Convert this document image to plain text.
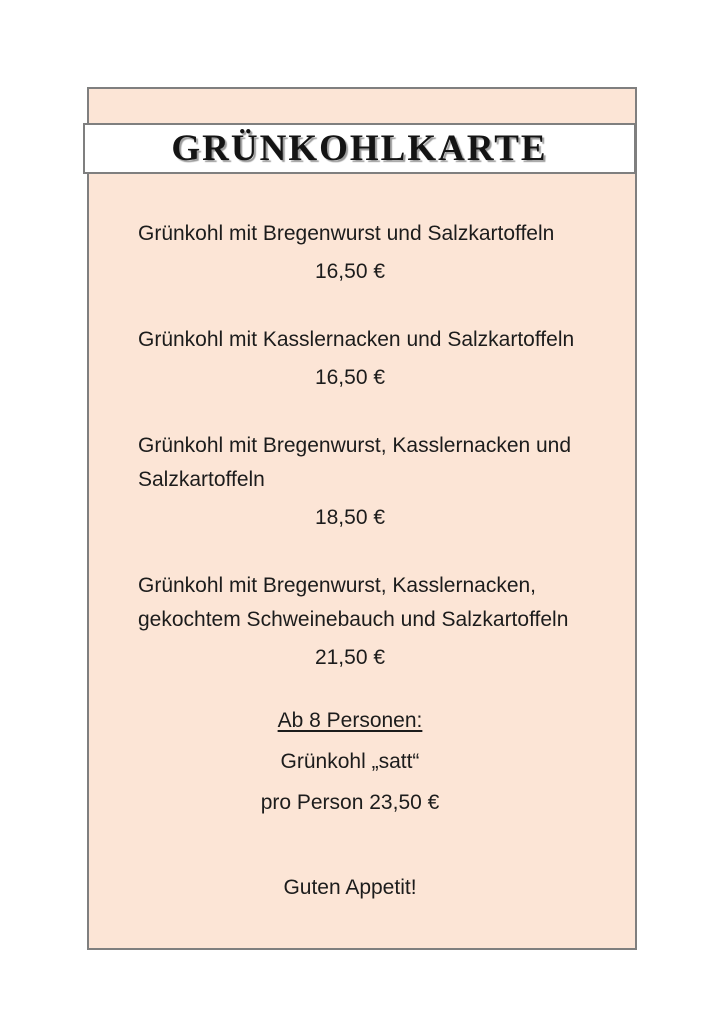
GRÜNKOHLKARTE
Grünkohl mit Bregenwurst und Salzkartoffeln
16,50 €
Grünkohl mit Kasslernacken und Salzkartoffeln
16,50 €
Grünkohl mit Bregenwurst, Kasslernacken und
Salzkartoffeln
18,50 €
Grünkohl mit Bregenwurst, Kasslernacken,
gekochtem Schweinebauch und Salzkartoffeln
21,50 €
Ab 8 Personen:
Grünkohl „satt“
pro Person 23,50 €
Guten Appetit!
